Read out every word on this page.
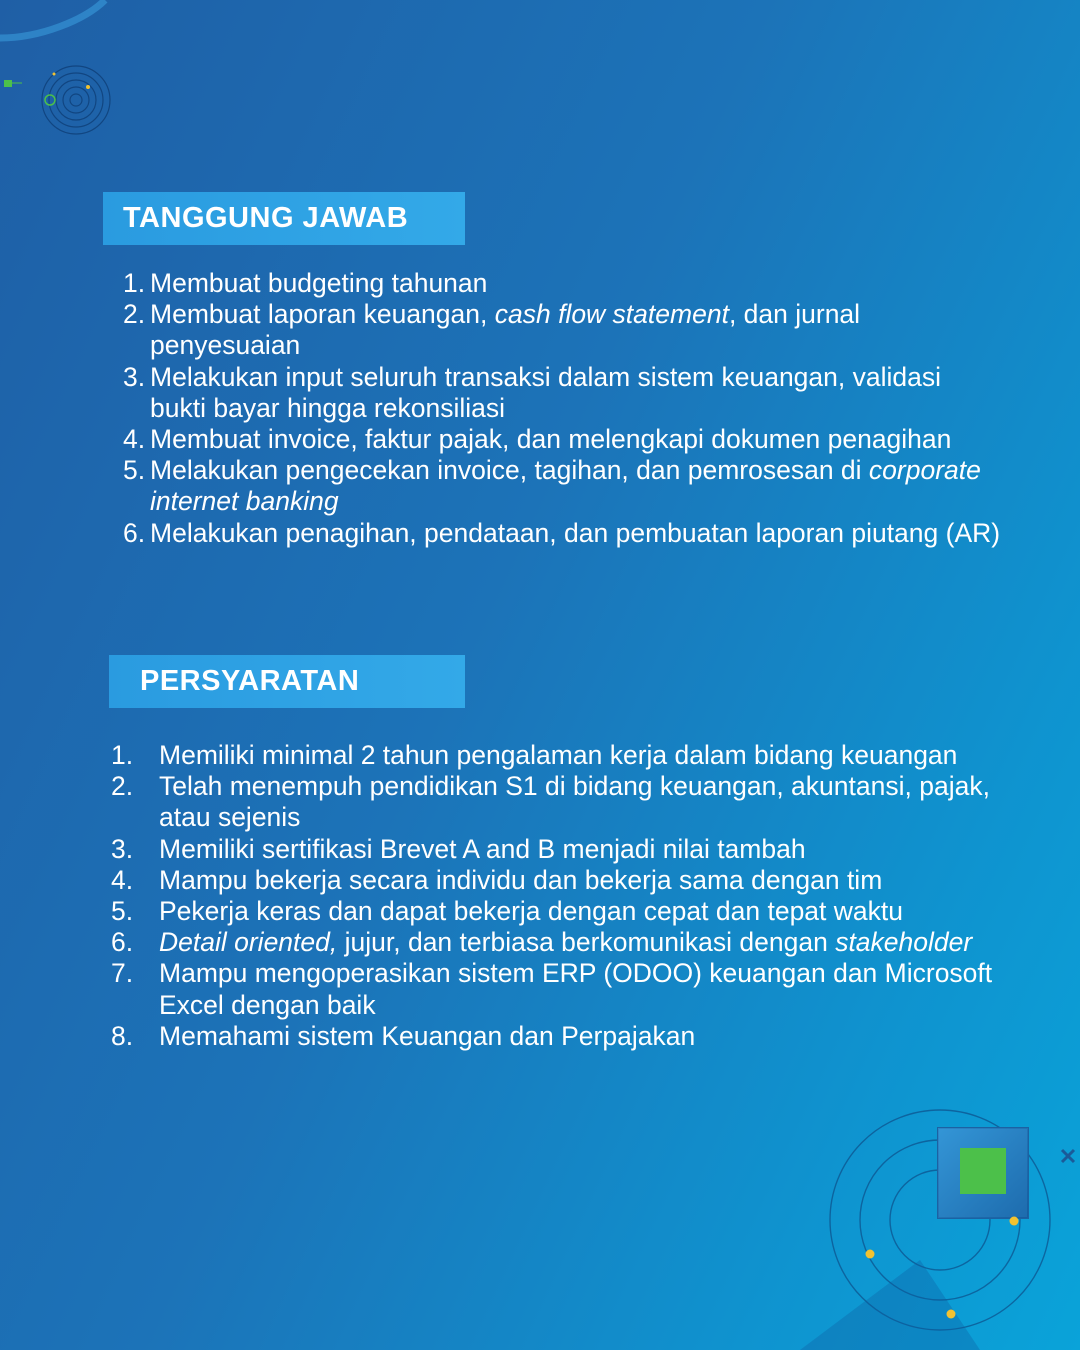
TANGGUNG JAWAB
1. Membuat budgeting tahunan
2. Membuat laporan keuangan, cash flow statement, dan jurnal penyesuaian
3. Melakukan input seluruh transaksi dalam sistem keuangan, validasi bukti bayar hingga rekonsiliasi
4. Membuat invoice, faktur pajak, dan melengkapi dokumen penagihan
5. Melakukan pengecekan invoice, tagihan, dan pemrosesan di corporate internet banking
6. Melakukan penagihan, pendataan, dan pembuatan laporan piutang (AR)
PERSYARATAN
1. Memiliki minimal 2 tahun pengalaman kerja dalam bidang keuangan
2. Telah menempuh pendidikan S1 di bidang keuangan, akuntansi, pajak, atau sejenis
3. Memiliki sertifikasi Brevet A and B menjadi nilai tambah
4. Mampu bekerja secara individu dan bekerja sama dengan tim
5. Pekerja keras dan dapat bekerja dengan cepat dan tepat waktu
6. Detail oriented, jujur, dan terbiasa berkomunikasi dengan stakeholder
7. Mampu mengoperasikan sistem ERP (ODOO) keuangan dan Microsoft Excel dengan baik
8. Memahami sistem Keuangan dan Perpajakan
